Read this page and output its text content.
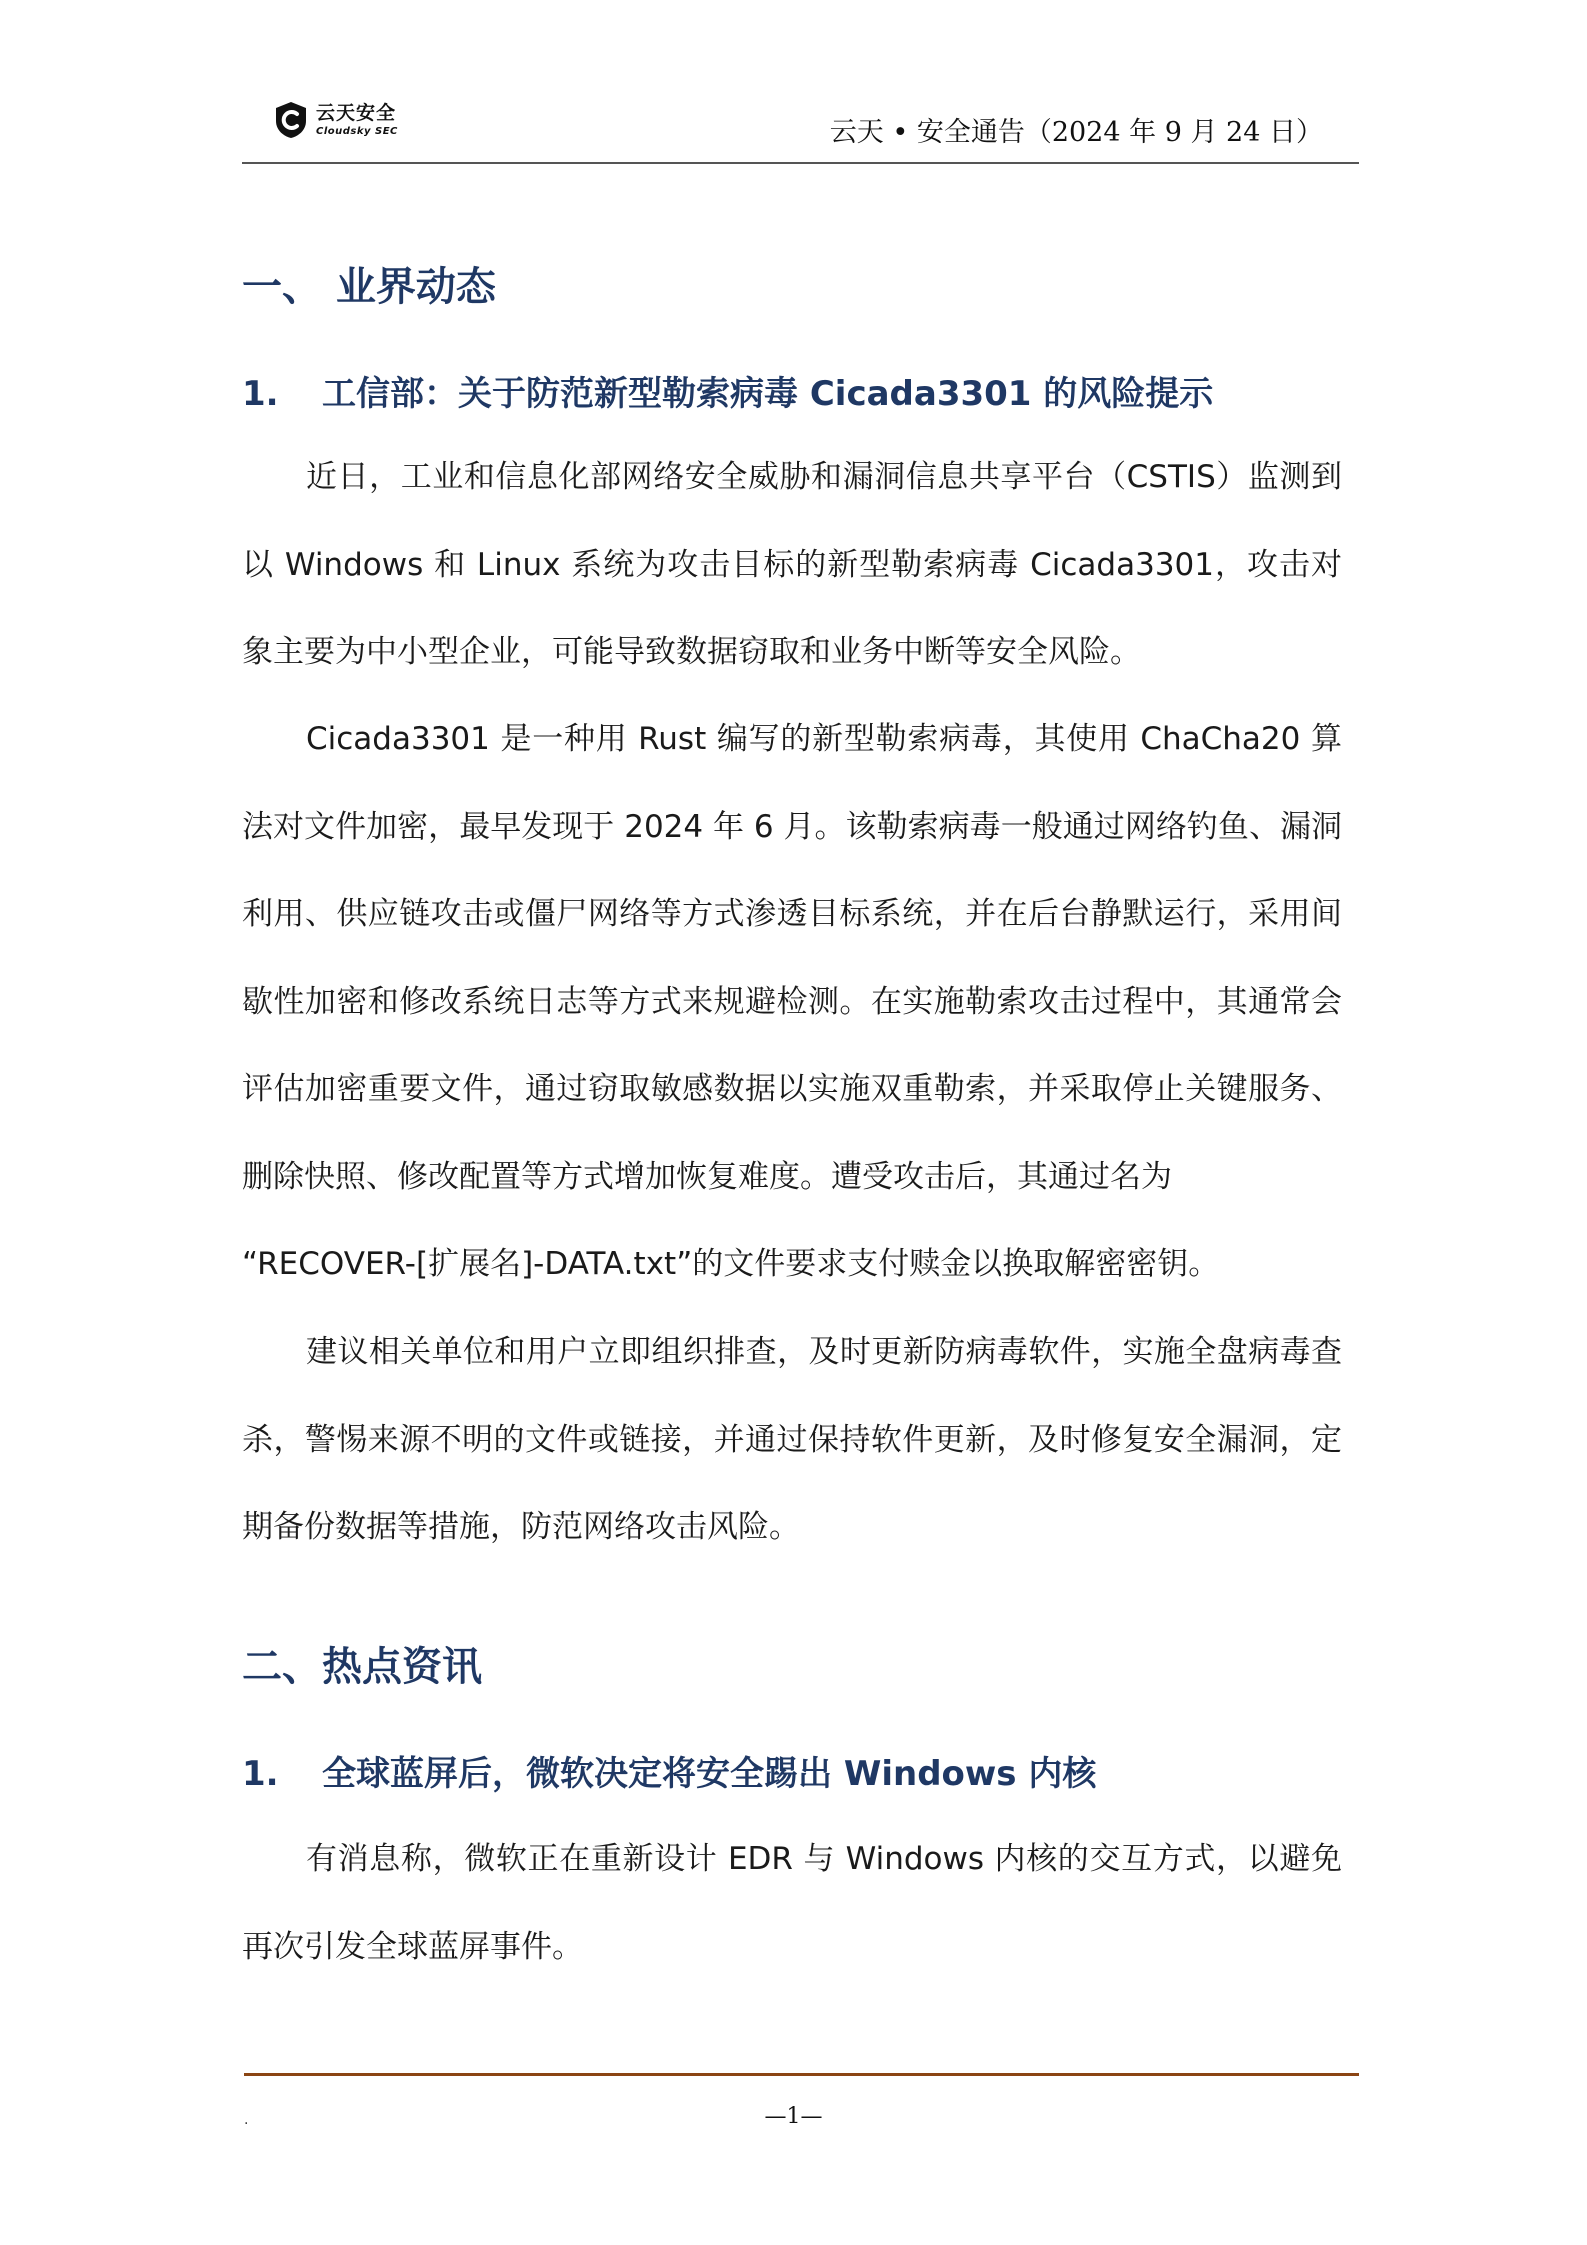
云天安全
Cloudsky SEC	云天 • 安全通告（2024 年 9 月 24 日）
一、 业界动态
1. 工信部：关于防范新型勒索病毒 Cicada3301 的风险提示

近日，工业和信息化部网络安全威胁和漏洞信息共享平台（CSTIS）监测到以 Windows 和 Linux 系统为攻击目标的新型勒索病毒 Cicada3301，攻击对象主要为中小型企业，可能导致数据窃取和业务中断等安全风险。

Cicada3301 是一种用 Rust 编写的新型勒索病毒，其使用 ChaCha20 算法对文件加密，最早发现于 2024 年 6 月。该勒索病毒一般通过网络钓鱼、漏洞利用、供应链攻击或僵尸网络等方式渗透目标系统，并在后台静默运行，采用间歇性加密和修改系统日志等方式来规避检测。在实施勒索攻击过程中，其通常会评估加密重要文件，通过窃取敏感数据以实施双重勒索，并采取停止关键服务、删除快照、修改配置等方式增加恢复难度。遭受攻击后，其通过名为

“RECOVER-[扩展名]-DATA.txt”的文件要求支付赎金以换取解密密钥。

建议相关单位和用户立即组织排查，及时更新防病毒软件，实施全盘病毒查杀，警惕来源不明的文件或链接，并通过保持软件更新，及时修复安全漏洞，定期备份数据等措施，防范网络攻击风险。

二、热点资讯
1. 全球蓝屏后，微软决定将安全踢出 Windows 内核

有消息称，微软正在重新设计 EDR 与 Windows 内核的交互方式，以避免再次引发全球蓝屏事件。

.	—1—
